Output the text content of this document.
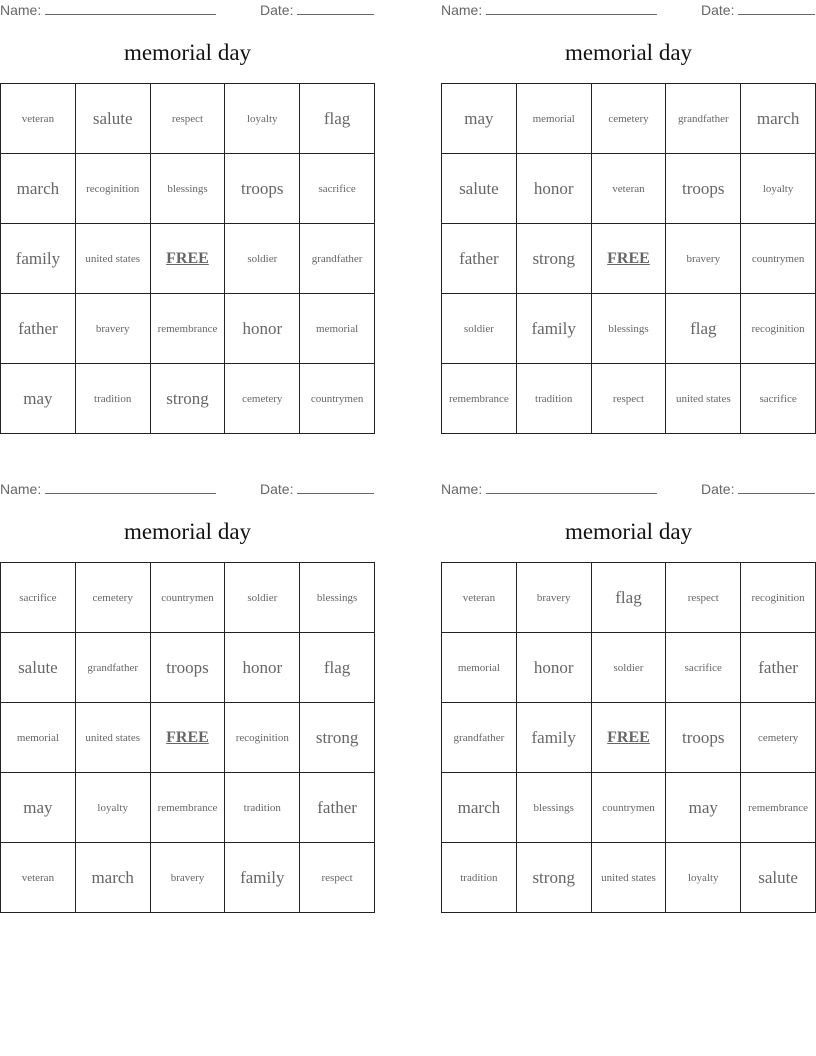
Name:	Date:
memorial day
veteran	salute	respect	loyalty	flag
march	recoginition	blessings	troops	sacrifice
family	united states	FREE	soldier	grandfather
father	bravery	remembrance	honor	memorial
may	tradition	strong	cemetery	countrymen
Name:	Date:
memorial day
may	memorial	cemetery	grandfather	march
salute	honor	veteran	troops	loyalty
father	strong	FREE	bravery	countrymen
soldier	family	blessings	flag	recoginition
remembrance	tradition	respect	united states	sacrifice
Name:	Date:
memorial day
sacrifice	cemetery	countrymen	soldier	blessings
salute	grandfather	troops	honor	flag
memorial	united states	FREE	recoginition	strong
may	loyalty	remembrance	tradition	father
veteran	march	bravery	family	respect
Name:	Date:
memorial day
veteran	bravery	flag	respect	recoginition
memorial	honor	soldier	sacrifice	father
grandfather	family	FREE	troops	cemetery
march	blessings	countrymen	may	remembrance
tradition	strong	united states	loyalty	salute
